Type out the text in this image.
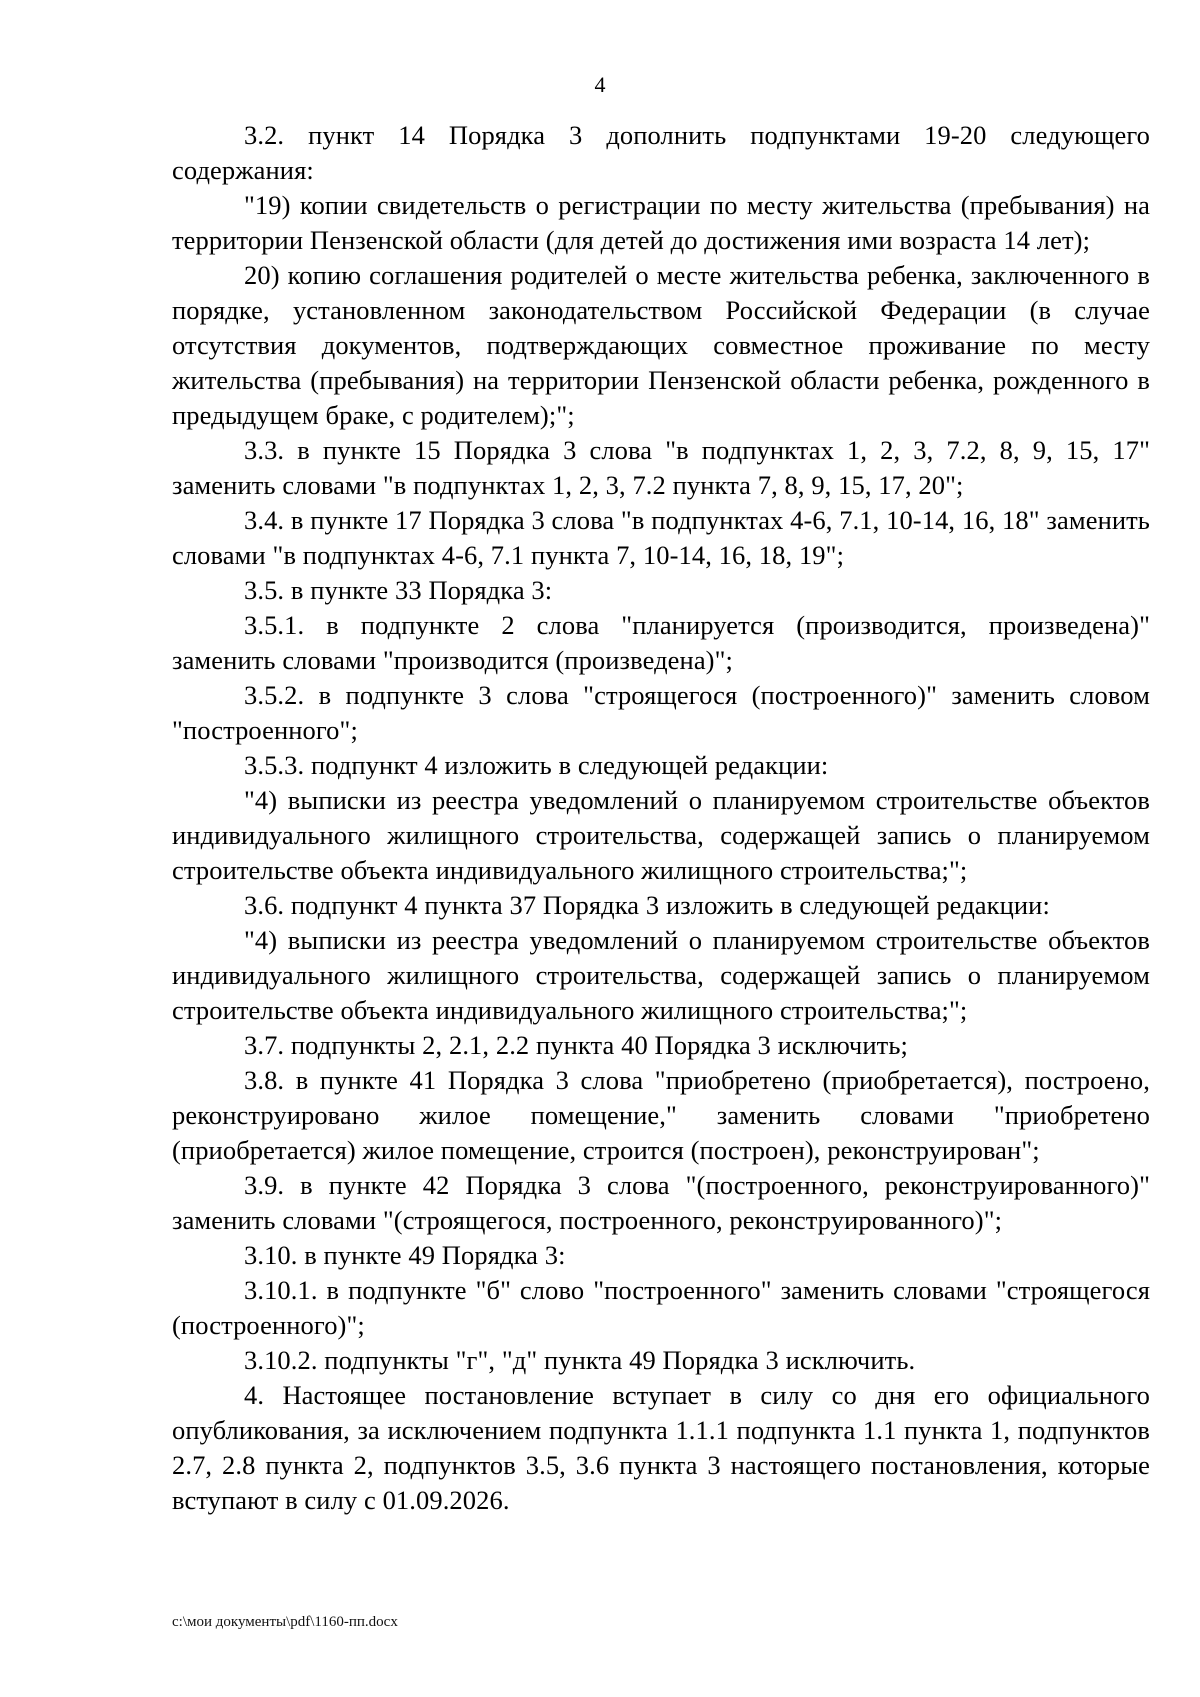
4

3.2. пункт 14 Порядка 3 дополнить подпунктами 19-20 следующего содержания:

"19) копии свидетельств о регистрации по месту жительства (пребывания) на территории Пензенской области (для детей до достижения ими возраста 14 лет);

20) копию соглашения родителей о месте жительства ребенка, заключенного в порядке, установленном законодательством Российской Федерации (в случае отсутствия документов, подтверждающих совместное проживание по месту жительства (пребывания) на территории Пензенской области ребенка, рожденного в предыдущем браке, с родителем);";

3.3. в пункте 15 Порядка 3 слова "в подпунктах 1, 2, 3, 7.2, 8, 9, 15, 17" заменить словами "в подпунктах 1, 2, 3, 7.2 пункта 7, 8, 9, 15, 17, 20";

3.4. в пункте 17 Порядка 3 слова "в подпунктах 4-6, 7.1, 10-14, 16, 18" заменить словами "в подпунктах 4-6, 7.1 пункта 7, 10-14, 16, 18, 19";

3.5. в пункте 33 Порядка 3:

3.5.1. в подпункте 2 слова "планируется (производится, произведена)" заменить словами "производится (произведена)";

3.5.2. в подпункте 3 слова "строящегося (построенного)" заменить словом "построенного";

3.5.3. подпункт 4 изложить в следующей редакции:

"4) выписки из реестра уведомлений о планируемом строительстве объектов индивидуального жилищного строительства, содержащей запись о планируемом строительстве объекта индивидуального жилищного строительства;";

3.6. подпункт 4 пункта 37 Порядка 3 изложить в следующей редакции:

"4) выписки из реестра уведомлений о планируемом строительстве объектов индивидуального жилищного строительства, содержащей запись о планируемом строительстве объекта индивидуального жилищного строительства;";

3.7. подпункты 2, 2.1, 2.2 пункта 40 Порядка 3 исключить;

3.8. в пункте 41 Порядка 3 слова "приобретено (приобретается), построено, реконструировано жилое помещение," заменить словами "приобретено (приобретается) жилое помещение, строится (построен), реконструирован";

3.9. в пункте 42 Порядка 3 слова "(построенного, реконструированного)" заменить словами "(строящегося, построенного, реконструированного)";

3.10. в пункте 49 Порядка 3:

3.10.1. в подпункте "б" слово "построенного" заменить словами "строящегося (построенного)";

3.10.2. подпункты "г", "д" пункта 49 Порядка 3 исключить.

4. Настоящее постановление вступает в силу со дня его официального опубликования, за исключением подпункта 1.1.1 подпункта 1.1 пункта 1, подпунктов 2.7, 2.8 пункта 2, подпунктов 3.5, 3.6 пункта 3 настоящего постановления, которые вступают в силу с 01.09.2026.

c:\мои документы\pdf\1160-пп.docx
